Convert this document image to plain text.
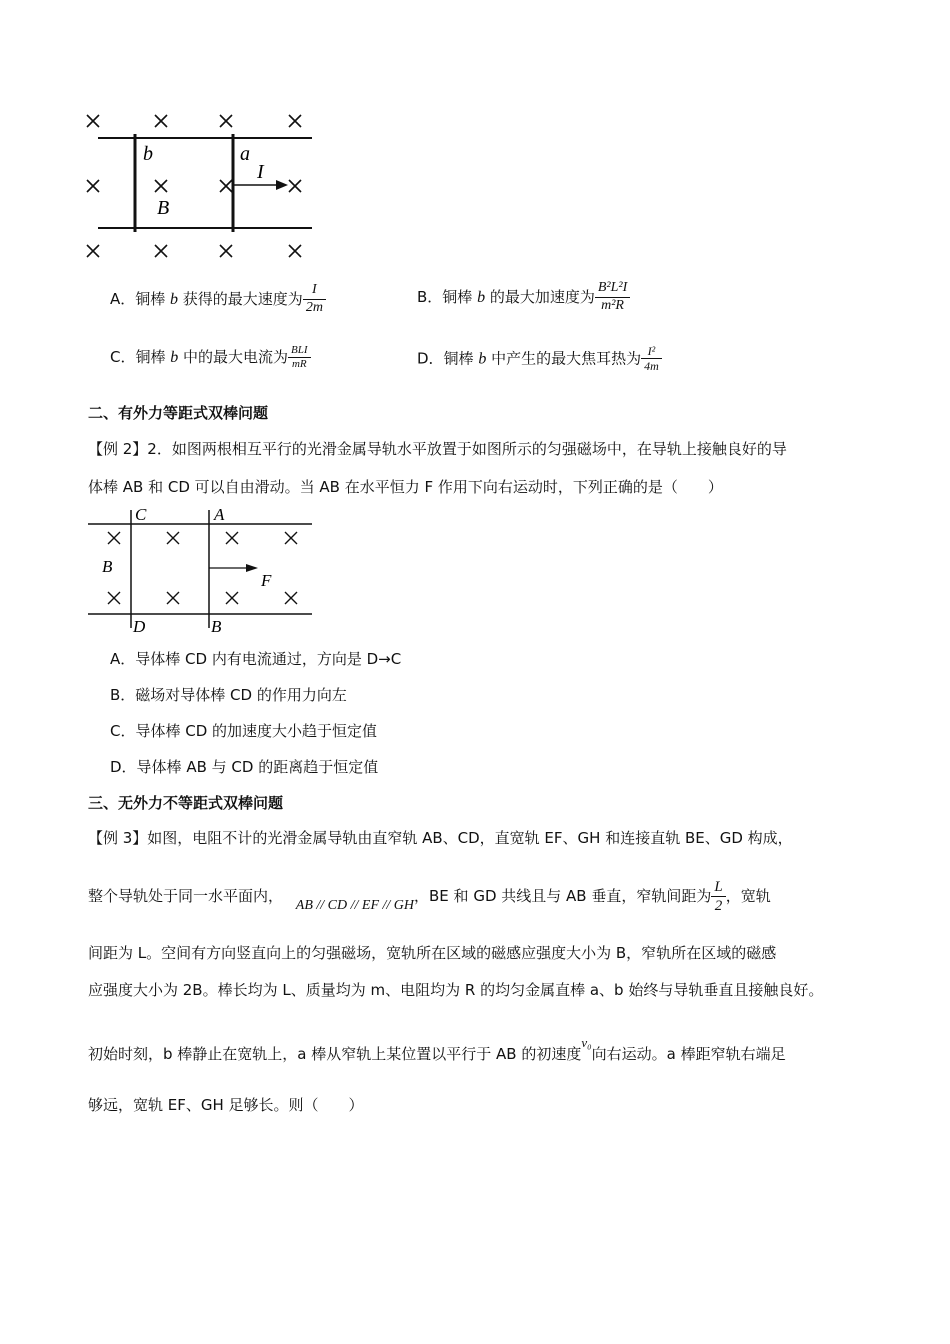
b	a
I
B
A．铜棒 b 获得的最大速度为 $\frac{I}{2m}$	B．铜棒 b 的最大加速度为 $\frac{\text{B²L²I}}{\text{m²R}}$
C．铜棒 b 中的最大电流为 $\frac{\text{BLI}}{mR}$	D．铜棒 b 中产生的最大焦耳热为 $\frac{\text{I²}}{4m}$
二、有外力等距式双棒问题
【例 2】2．如图两根相互平行的光滑金属导轨水平放置于如图所示的匀强磁场中，在导轨上接触良好的导
体棒 AB 和 CD 可以自由滑动。当 AB 在水平恒力 F 作用下向右运动时，下列正确的是（　　）
C	A
B
F
D	B
A．导体棒 CD 内有电流通过，方向是 D→C
B．磁场对导体棒 CD 的作用力向左
C．导体棒 CD 的加速度大小趋于恒定值
D．导体棒 AB 与 CD 的距离趋于恒定值
三、无外力不等距式双棒问题
【例 3】如图，电阻不计的光滑金属导轨由直窄轨 AB、CD，直宽轨 EF、GH 和连接直轨 BE、GD 构成，
整个导轨处于同一水平面内， AB // CD // EF // GH，BE 和 GD 共线且与 AB 垂直，窄轨间距为 $\frac{L}{2}$ ，宽轨
间距为 L。空间有方向竖直向上的匀强磁场，宽轨所在区域的磁感应强度大小为 B，窄轨所在区域的磁感
应强度大小为 2B。棒长均为 L、质量均为 m、电阻均为 R 的均匀金属直棒 a、b 始终与导轨垂直且接触良好。
初始时刻，b 棒静止在宽轨上，a 棒从窄轨上某位置以平行于 AB 的初速度v₀向右运动。a 棒距窄轨右端足
够远，宽轨 EF、GH 足够长。则（　　）
